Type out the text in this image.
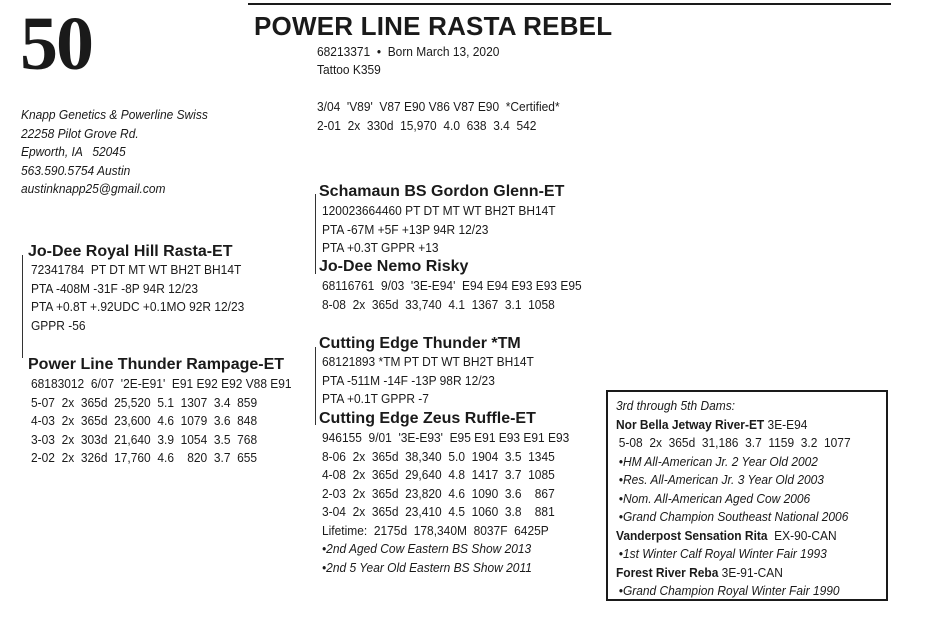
50	POWER LINE RASTA REBEL
68213371  •  Born March 13, 2020
Tattoo K359
3/04  'V89'  V87 E90 V86 V87 E90  *Certified*
2-01  2x  330d  15,970  4.0  638  3.4  542
Knapp Genetics & Powerline Swiss
22258 Pilot Grove Rd.
Epworth, IA   52045
563.590.5754 Austin
austinknapp25@gmail.com
Jo-Dee Royal Hill Rasta-ET
72341784  PT DT MT WT BH2T BH14T
PTA -408M -31F -8P 94R 12/23
PTA +0.8T +.92UDC +0.1MO 92R 12/23
GPPR -56
Schamaun BS Gordon Glenn-ET
120023664460 PT DT MT WT BH2T BH14T
PTA -67M +5F +13P 94R 12/23
PTA +0.3T GPPR +13
Jo-Dee Nemo Risky
68116761  9/03  '3E-E94'  E94 E94 E93 E93 E95
8-08  2x  365d  33,740  4.1  1367  3.1  1058
Power Line Thunder Rampage-ET
68183012  6/07  '2E-E91'  E91 E92 E92 V88 E91
5-07  2x  365d  25,520  5.1  1307  3.4  859
4-03  2x  365d  23,600  4.6  1079  3.6  848
3-03  2x  303d  21,640  3.9  1054  3.5  768
2-02  2x  326d  17,760  4.6    820  3.7  655
Cutting Edge Thunder *TM
68121893 *TM PT DT WT BH2T BH14T
PTA -511M -14F -13P 98R 12/23
PTA +0.1T GPPR -7
Cutting Edge Zeus Ruffle-ET
946155  9/01  '3E-E93'  E95 E91 E93 E91 E93
8-06  2x  365d  38,340  5.0  1904  3.5  1345
4-08  2x  365d  29,640  4.8  1417  3.7  1085
2-03  2x  365d  23,820  4.6  1090  3.6    867
3-04  2x  365d  23,410  4.5  1060  3.8    881
Lifetime:  2175d  178,340M  8037F  6425P
•2nd Aged Cow Eastern BS Show 2013
•2nd 5 Year Old Eastern BS Show 2011
3rd through 5th Dams:
Nor Bella Jetway River-ET 3E-E94
5-08  2x  365d  31,186  3.7  1159  3.2  1077
•HM All-American Jr. 2 Year Old 2002
•Res. All-American Jr. 3 Year Old 2003
•Nom. All-American Aged Cow 2006
•Grand Champion Southeast National 2006
Vanderpost Sensation Rita  EX-90-CAN
•1st Winter Calf Royal Winter Fair 1993
Forest River Reba 3E-91-CAN
•Grand Champion Royal Winter Fair 1990
